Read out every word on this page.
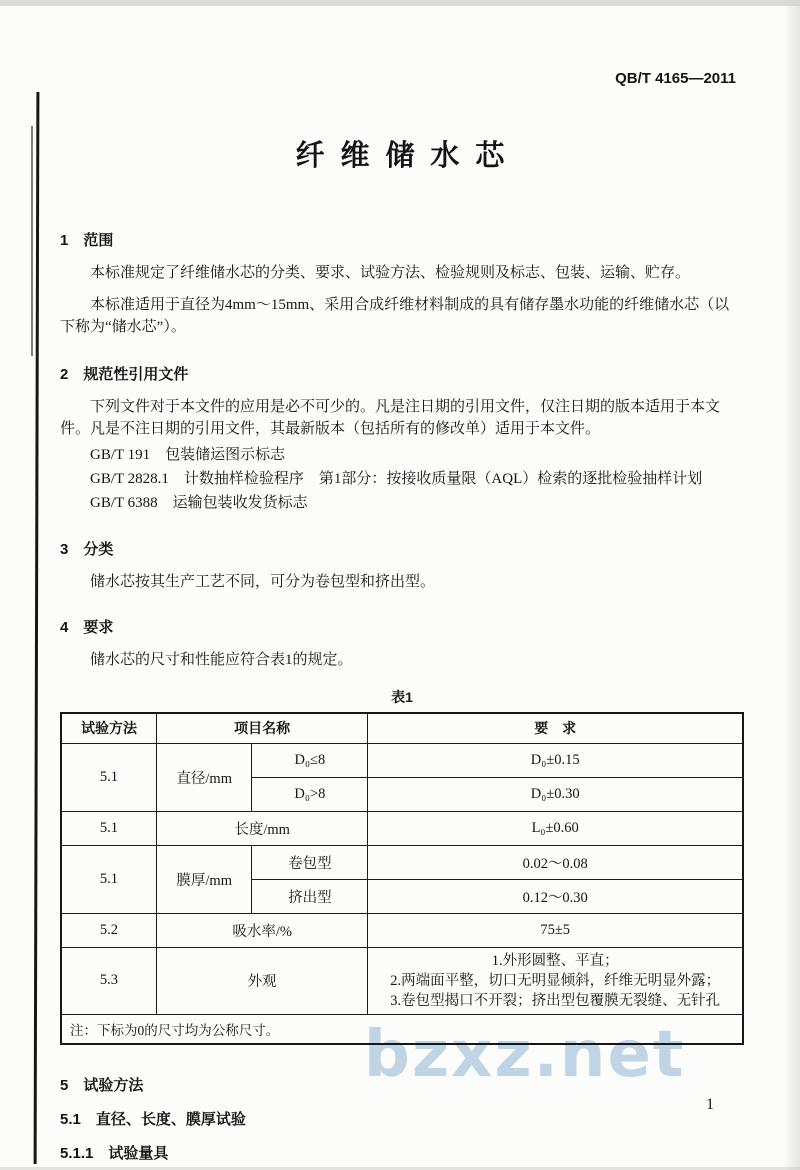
bzxz.net
QB/T 4165—2011
纤维储水芯
1　范围

本标准规定了纤维储水芯的分类、要求、试验方法、检验规则及标志、包装、运输、贮存。

本标准适用于直径为4mm～15mm、采用合成纤维材料制成的具有储存墨水功能的纤维储水芯（以下称为“储水芯”）。

2　规范性引用文件

下列文件对于本文件的应用是必不可少的。凡是注日期的引用文件，仅注日期的版本适用于本文件。凡是不注日期的引用文件，其最新版本（包括所有的修改单）适用于本文件。

GB/T 191　包装储运图示标志
GB/T 2828.1　计数抽样检验程序　第1部分：按接收质量限（AQL）检索的逐批检验抽样计划
GB/T 6388　运输包装收发货标志
3　分类

储水芯按其生产工艺不同，可分为卷包型和挤出型。

4　要求

储水芯的尺寸和性能应符合表1的规定。

表1
试验方法	项目名称		要　求
5.1	直径/mm	D₀≤8	D₀±0.15
		D₀>8	D₀±0.30
5.1	长度/mm		L₀±0.60
5.1	膜厚/mm	卷包型	0.02～0.08
		挤出型	0.12～0.30
5.2	吸水率/%		75±5
5.3	外观		1.外形圆整、平直；
2.两端面平整，切口无明显倾斜，纤维无明显外露；
3.卷包型揭口不开裂；挤出型包覆膜无裂缝、无针孔

注：下标为0的尺寸均为公称尺寸。			
5　试验方法
5.1　直径、长度、膜厚试验
5.1.1　试验量具
1
